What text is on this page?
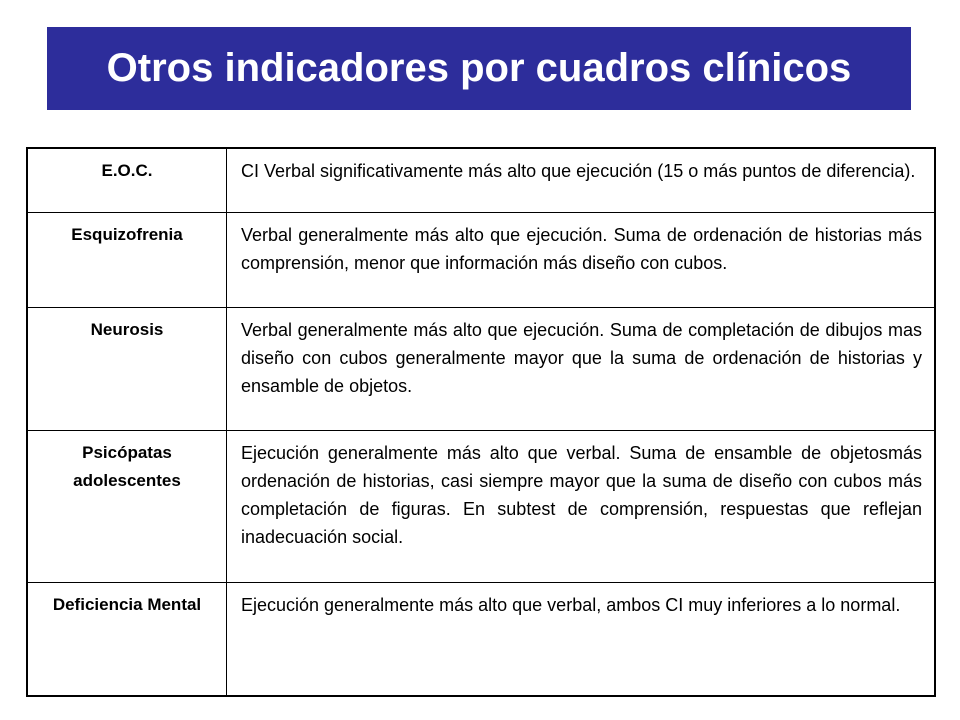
Otros indicadores por cuadros clínicos
E.O.C.	CI Verbal significativamente más alto que ejecución (15 o más puntos de diferencia).
Esquizofrenia	Verbal generalmente más alto que ejecución. Suma de ordenación de historias más comprensión, menor que información más diseño con cubos.
Neurosis	Verbal generalmente más alto que ejecución. Suma de completación de dibujos mas diseño con cubos generalmente mayor que la suma de ordenación de historias y ensamble de objetos.
Psicópatas adolescentes	Ejecución generalmente más alto que verbal. Suma de ensamble de objetosmás ordenación de historias, casi siempre mayor que la suma de diseño con cubos más completación de figuras. En subtest de comprensión, respuestas que reflejan inadecuación social.
Deficiencia Mental	Ejecución generalmente más alto que verbal, ambos CI muy inferiores a lo normal.
